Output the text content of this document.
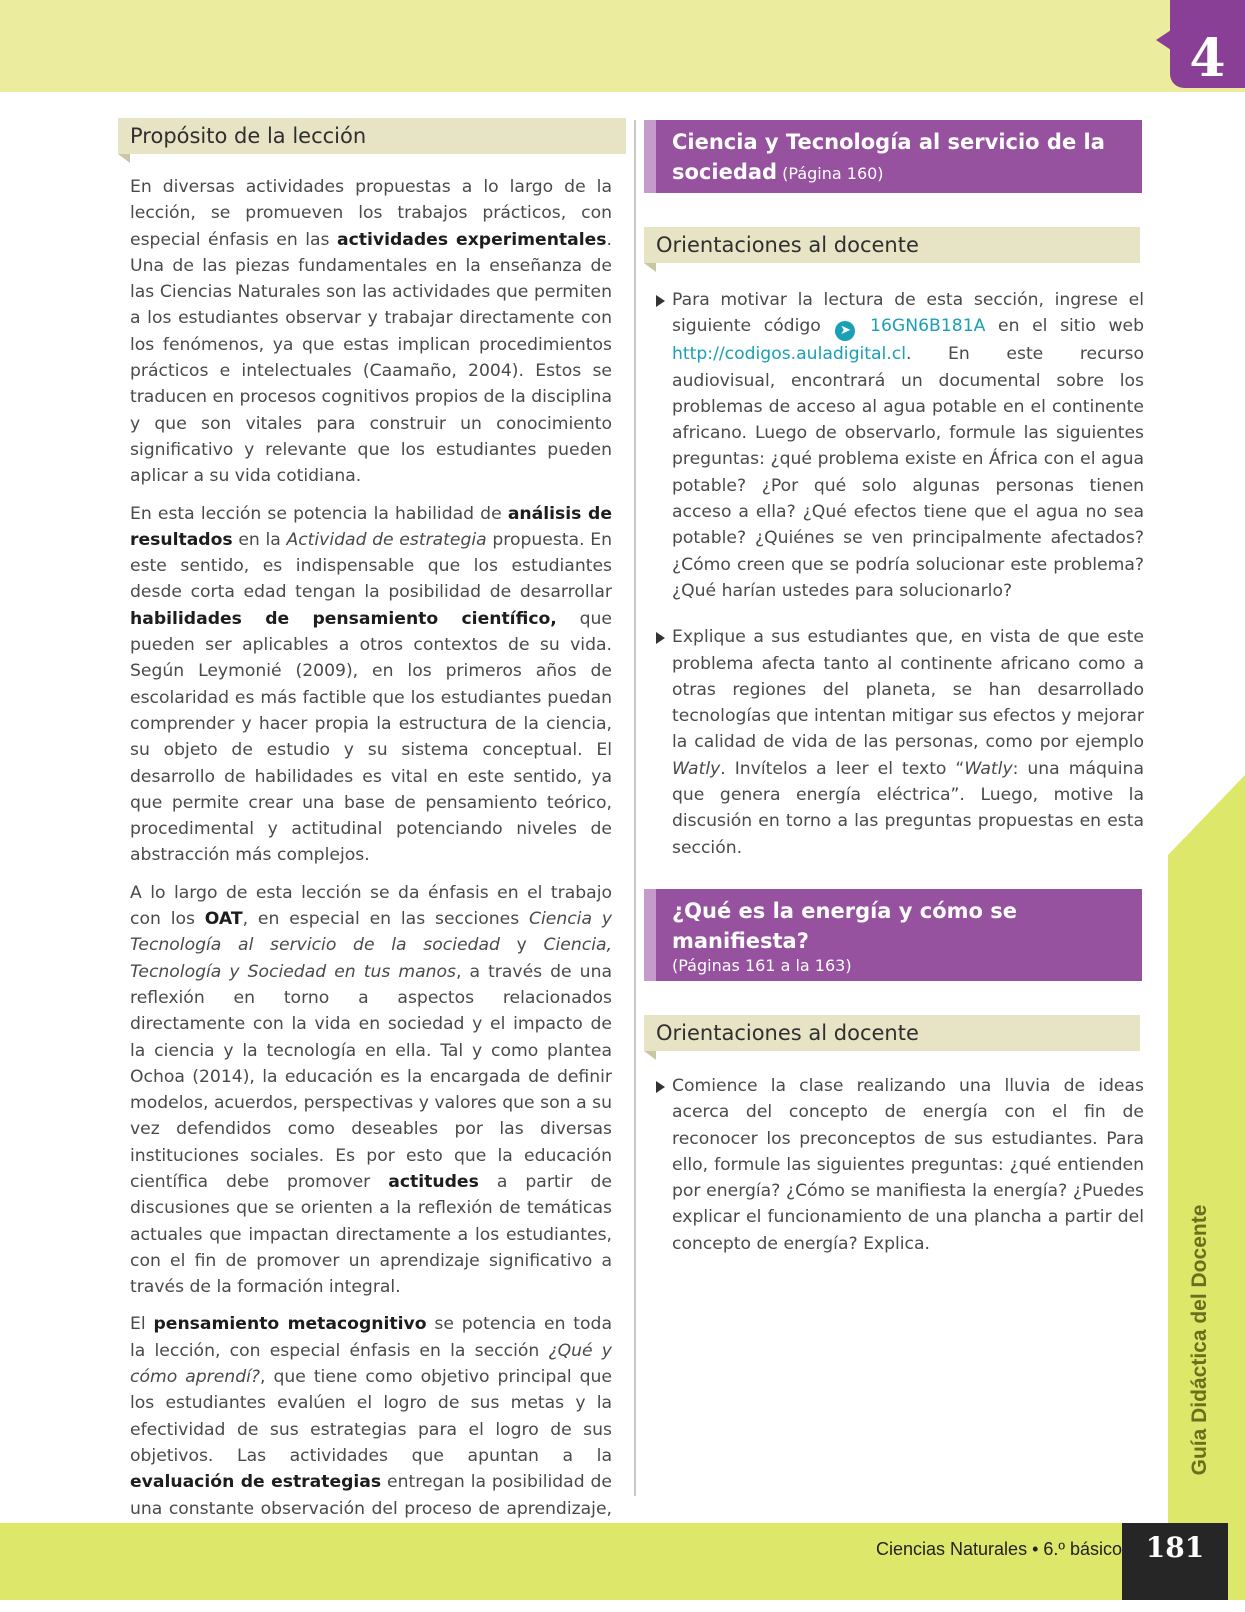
4
Propósito de la lección

En diversas actividades propuestas a lo largo de la lección, se promueven los trabajos prácticos, con especial énfasis en las actividades experimentales. Una de las piezas fundamentales en la enseñanza de las Ciencias Naturales son las actividades que permiten a los estudiantes observar y trabajar directamente con los fenómenos, ya que estas implican procedimientos prácticos e intelectuales (Caamaño, 2004). Estos se traducen en procesos cognitivos propios de la disciplina y que son vitales para construir un conocimiento significativo y relevante que los estudiantes pueden aplicar a su vida cotidiana.

En esta lección se potencia la habilidad de análisis de resultados en la Actividad de estrategia propuesta. En este sentido, es indispensable que los estudiantes desde corta edad tengan la posibilidad de desarrollar habilidades de pensamiento científico, que pueden ser aplicables a otros contextos de su vida. Según Leymonié (2009), en los primeros años de escolaridad es más factible que los estudiantes puedan comprender y hacer propia la estructura de la ciencia, su objeto de estudio y su sistema conceptual. El desarrollo de habilidades es vital en este sentido, ya que permite crear una base de pensamiento teórico, procedimental y actitudinal potenciando niveles de abstracción más complejos.

A lo largo de esta lección se da énfasis en el trabajo con los OAT, en especial en las secciones Ciencia y Tecnología al servicio de la sociedad y Ciencia, Tecnología y Sociedad en tus manos, a través de una reflexión en torno a aspectos relacionados directamente con la vida en sociedad y el impacto de la ciencia y la tecnología en ella. Tal y como plantea Ochoa (2014), la educación es la encargada de definir modelos, acuerdos, perspectivas y valores que son a su vez defendidos como deseables por las diversas instituciones sociales. Es por esto que la educación científica debe promover actitudes a partir de discusiones que se orienten a la reflexión de temáticas actuales que impactan directamente a los estudiantes, con el fin de promover un aprendizaje significativo a través de la formación integral.

El pensamiento metacognitivo se potencia en toda la lección, con especial énfasis en la sección ¿Qué y cómo aprendí?, que tiene como objetivo principal que los estudiantes evalúen el logro de sus metas y la efectividad de sus estrategias para el logro de sus objetivos. Las actividades que apuntan a la evaluación de estrategias entregan la posibilidad de una constante observación del proceso de aprendizaje,

Ciencia y Tecnología al servicio de la sociedad (Página 160)
Orientaciones al docente
Para motivar la lectura de esta sección, ingrese el siguiente código ➤ 16GN6B181A en el sitio web http://codigos.auladigital.cl. En este recurso audiovisual, encontrará un documental sobre los problemas de acceso al agua potable en el continente africano. Luego de observarlo, formule las siguientes preguntas: ¿qué problema existe en África con el agua potable? ¿Por qué solo algunas personas tienen acceso a ella? ¿Qué efectos tiene que el agua no sea potable? ¿Quiénes se ven principalmente afectados? ¿Cómo creen que se podría solucionar este problema? ¿Qué harían ustedes para solucionarlo?
Explique a sus estudiantes que, en vista de que este problema afecta tanto al continente africano como a otras regiones del planeta, se han desarrollado tecnologías que intentan mitigar sus efectos y mejorar la calidad de vida de las personas, como por ejemplo Watly. Invítelos a leer el texto “Watly: una máquina que genera energía eléctrica”. Luego, motive la discusión en torno a las preguntas propuestas en esta sección.
¿Qué es la energía y cómo se manifiesta?
(Páginas 161 a la 163)
Orientaciones al docente
Comience la clase realizando una lluvia de ideas acerca del concepto de energía con el fin de reconocer los preconceptos de sus estudiantes. Para ello, formule las siguientes preguntas: ¿qué entienden por energía? ¿Cómo se manifiesta la energía? ¿Puedes explicar el funcionamiento de una plancha a partir del concepto de energía? Explica.	Guía Didáctica del Docente
Ciencias Naturales • 6.º básico 181
